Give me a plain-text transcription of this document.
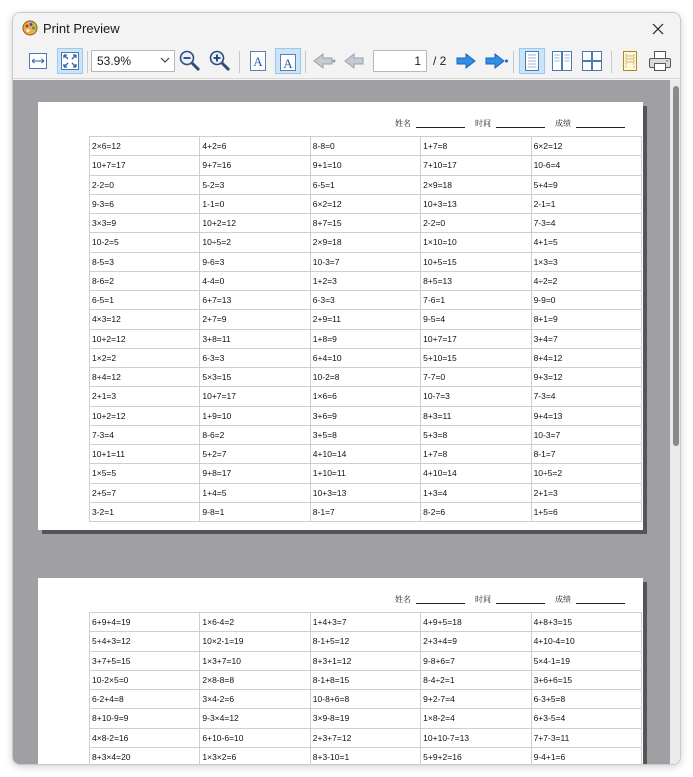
Print Preview
53.9%	A A	1	/ 2
姓名	时间	成绩
2×6=12	4+2=6	8-8=0	1+7=8	6×2=12
10+7=17	9+7=16	9+1=10	7+10=17	10-6=4
2-2=0	5-2=3	6-5=1	2×9=18	5+4=9
9-3=6	1-1=0	6×2=12	10+3=13	2-1=1
3×3=9	10+2=12	8+7=15	2-2=0	7-3=4
10-2=5	10÷5=2	2×9=18	1×10=10	4+1=5
8-5=3	9-6=3	10-3=7	10+5=15	1×3=3
8-6=2	4-4=0	1+2=3	8+5=13	4÷2=2
6-5=1	6+7=13	6-3=3	7-6=1	9-9=0
4×3=12	2+7=9	2+9=11	9-5=4	8+1=9
10+2=12	3+8=11	1+8=9	10+7=17	3+4=7
1×2=2	6-3=3	6+4=10	5+10=15	8+4=12
8+4=12	5×3=15	10-2=8	7-7=0	9+3=12
2+1=3	10+7=17	1×6=6	10-7=3	7-3=4
10+2=12	1+9=10	3+6=9	8+3=11	9+4=13
7-3=4	8-6=2	3+5=8	5+3=8	10-3=7
10+1=11	5+2=7	4+10=14	1+7=8	8-1=7
1×5=5	9+8=17	1+10=11	4+10=14	10÷5=2
2+5=7	1+4=5	10+3=13	1+3=4	2+1=3
3-2=1	9-8=1	8-1=7	8-2=6	1+5=6
姓名	时间	成绩
6+9+4=19	1×6-4=2	1+4+3=7	4+9+5=18	4+8+3=15
5+4+3=12	10×2-1=19	8-1+5=12	2+3+4=9	4+10-4=10
3+7+5=15	1×3+7=10	8+3+1=12	9-8+6=7	5×4-1=19
10-2×5=0	2×8-8=8	8-1+8=15	8-4÷2=1	3+6+6=15
6-2+4=8	3×4-2=6	10-8+6=8	9+2-7=4	6-3+5=8
8+10-9=9	9-3×4=12	3×9-8=19	1×8-2=4	6+3-5=4
4×8-2=16	6+10-6=10	2+3+7=12	10+10-7=13	7+7-3=11
8+3×4=20	1×3×2=6	8+3-10=1	5+9+2=16	9-4+1=6
